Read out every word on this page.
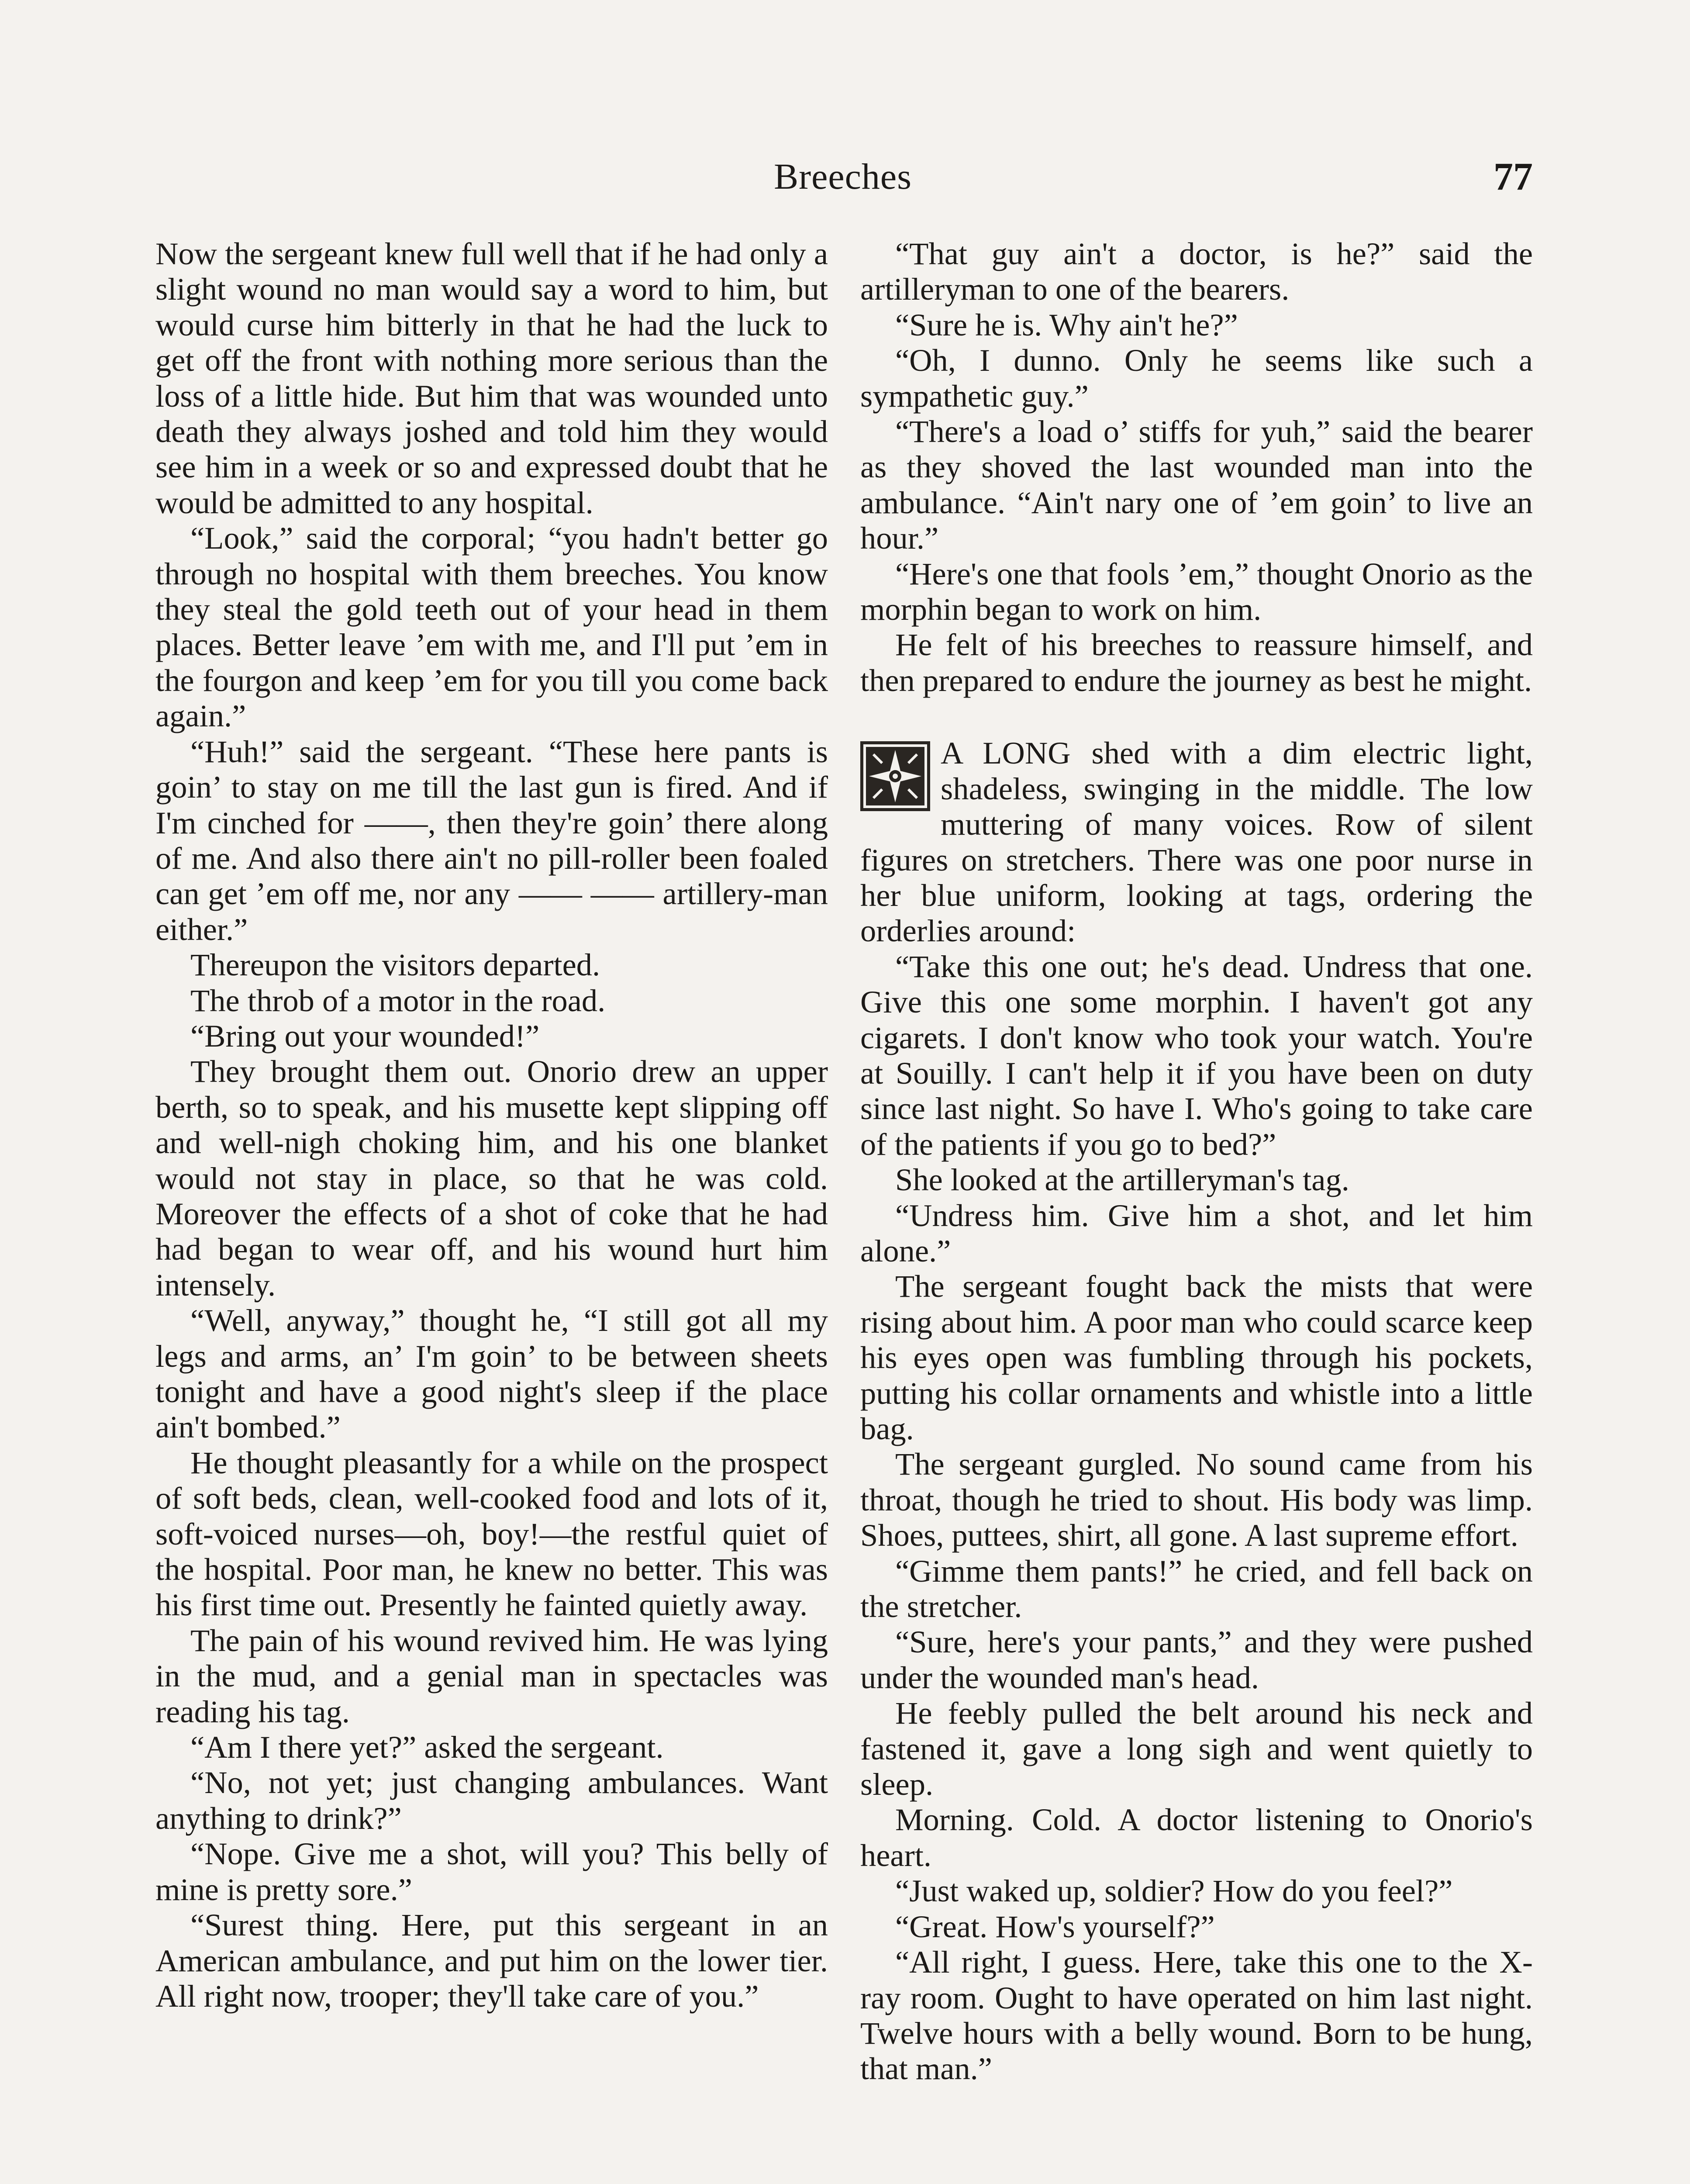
Breeches	77

Now the sergeant knew full well that if he had only a slight wound no man would say a word to him, but would curse him bitterly in that he had the luck to get off the front with nothing more serious than the loss of a little hide. But him that was wounded unto death they always joshed and told him they would see him in a week or so and expressed doubt that he would be admitted to any hospital.

“Look,” said the corporal; “you hadn't better go through no hospital with them breeches. You know they steal the gold teeth out of your head in them places. Better leave ’em with me, and I'll put ’em in the fourgon and keep ’em for you till you come back again.”

“Huh!” said the sergeant. “These here pants is goin’ to stay on me till the last gun is fired. And if I'm cinched for ——, then they're goin’ there along of me. And also there ain't no pill-roller been foaled can get ’em off me, nor any —— —— artillery-man either.”

Thereupon the visitors departed.

The throb of a motor in the road.

“Bring out your wounded!”

They brought them out. Onorio drew an upper berth, so to speak, and his musette kept slipping off and well-nigh choking him, and his one blanket would not stay in place, so that he was cold. Moreover the effects of a shot of coke that he had had began to wear off, and his wound hurt him intensely.

“Well, anyway,” thought he, “I still got all my legs and arms, an’ I'm goin’ to be between sheets tonight and have a good night's sleep if the place ain't bombed.”

He thought pleasantly for a while on the prospect of soft beds, clean, well-cooked food and lots of it, soft-voiced nurses—oh, boy!—the restful quiet of the hospital. Poor man, he knew no better. This was his first time out. Presently he fainted quietly away.

The pain of his wound revived him. He was lying in the mud, and a genial man in spectacles was reading his tag.

“Am I there yet?” asked the sergeant.

“No, not yet; just changing ambulances. Want anything to drink?”

“Nope. Give me a shot, will you? This belly of mine is pretty sore.”

“Surest thing. Here, put this sergeant in an American ambulance, and put him on the lower tier. All right now, trooper; they'll take care of you.”

“That guy ain't a doctor, is he?” said the artilleryman to one of the bearers.

“Sure he is. Why ain't he?”

“Oh, I dunno. Only he seems like such a sympathetic guy.”

“There's a load o’ stiffs for yuh,” said the bearer as they shoved the last wounded man into the ambulance. “Ain't nary one of ’em goin’ to live an hour.”

“Here's one that fools ’em,” thought Onorio as the morphin began to work on him.

He felt of his breeches to reassure himself, and then prepared to endure the journey as best he might.

A LONG shed with a dim electric light, shadeless, swinging in the middle. The low muttering of many voices. Row of silent figures on stretchers. There was one poor nurse in her blue uniform, looking at tags, ordering the orderlies around:

“Take this one out; he's dead. Undress that one. Give this one some morphin. I haven't got any cigarets. I don't know who took your watch. You're at Souilly. I can't help it if you have been on duty since last night. So have I. Who's going to take care of the patients if you go to bed?”

She looked at the artilleryman's tag.

“Undress him. Give him a shot, and let him alone.”

The sergeant fought back the mists that were rising about him. A poor man who could scarce keep his eyes open was fumbling through his pockets, putting his collar ornaments and whistle into a little bag.

The sergeant gurgled. No sound came from his throat, though he tried to shout. His body was limp. Shoes, puttees, shirt, all gone. A last supreme effort.

“Gimme them pants!” he cried, and fell back on the stretcher.

“Sure, here's your pants,” and they were pushed under the wounded man's head.

He feebly pulled the belt around his neck and fastened it, gave a long sigh and went quietly to sleep.

Morning. Cold. A doctor listening to Onorio's heart.

“Just waked up, soldier? How do you feel?”

“Great. How's yourself?”

“All right, I guess. Here, take this one to the X-ray room. Ought to have operated on him last night. Twelve hours with a belly wound. Born to be hung, that man.”
